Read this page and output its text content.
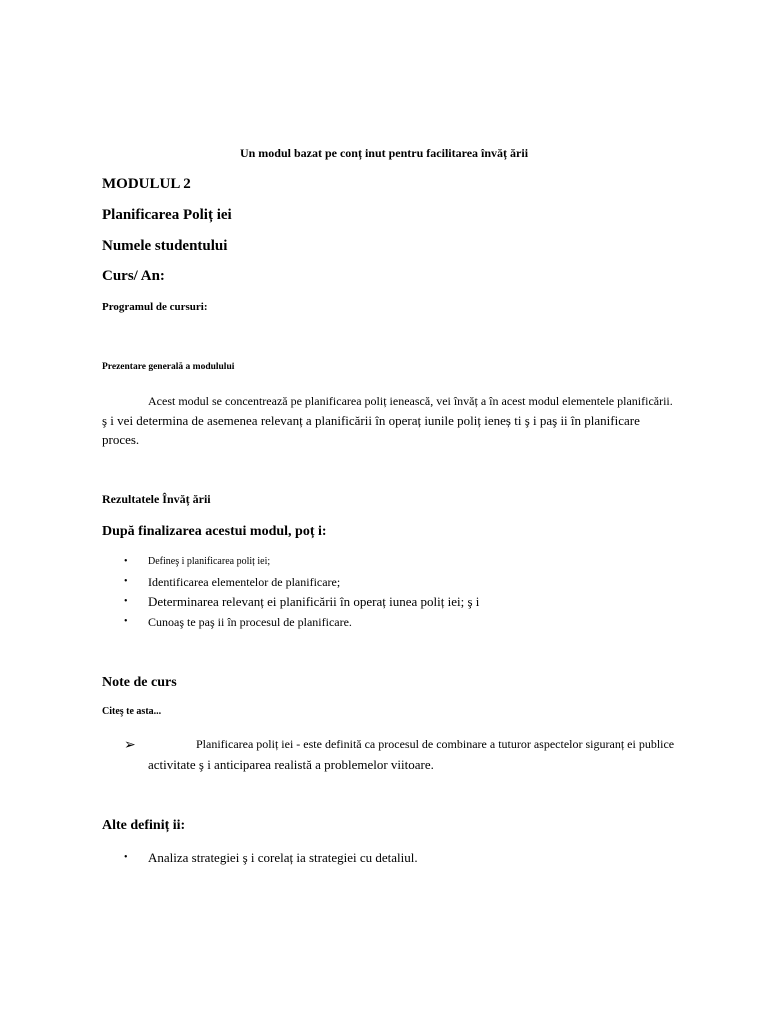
Un modul bazat pe conț inut pentru facilitarea învăț ării
MODULUL 2
Planificarea Poliț iei
Numele studentului
Curs/ An:
Programul de cursuri:
Prezentare generală a modulului
Acest modul se concentrează pe planificarea poliț ienească, vei învăț a în acest modul elementele planificării.
ş i vei determina de asemenea relevanț a planificării în operaț iunile poliț ieneș ti ş i paş ii în planificare
proces.
Rezultatele Învăț ării
După finalizarea acestui modul, poț i:
• Defineş i planificarea poliț iei;
• Identificarea elementelor de planificare;
• Determinarea relevanț ei planificării în operaț iunea poliț iei; ş i
• Cunoaş te paş ii în procesul de planificare.
Note de curs
Citeş te asta...
➢	Planificarea poliț iei - este definită ca procesul de combinare a tuturor aspectelor siguranț ei publice
activitate ş i anticiparea realistă a problemelor viitoare.
Alte definiț ii:
• Analiza strategiei ş i corelaț ia strategiei cu detaliul.
